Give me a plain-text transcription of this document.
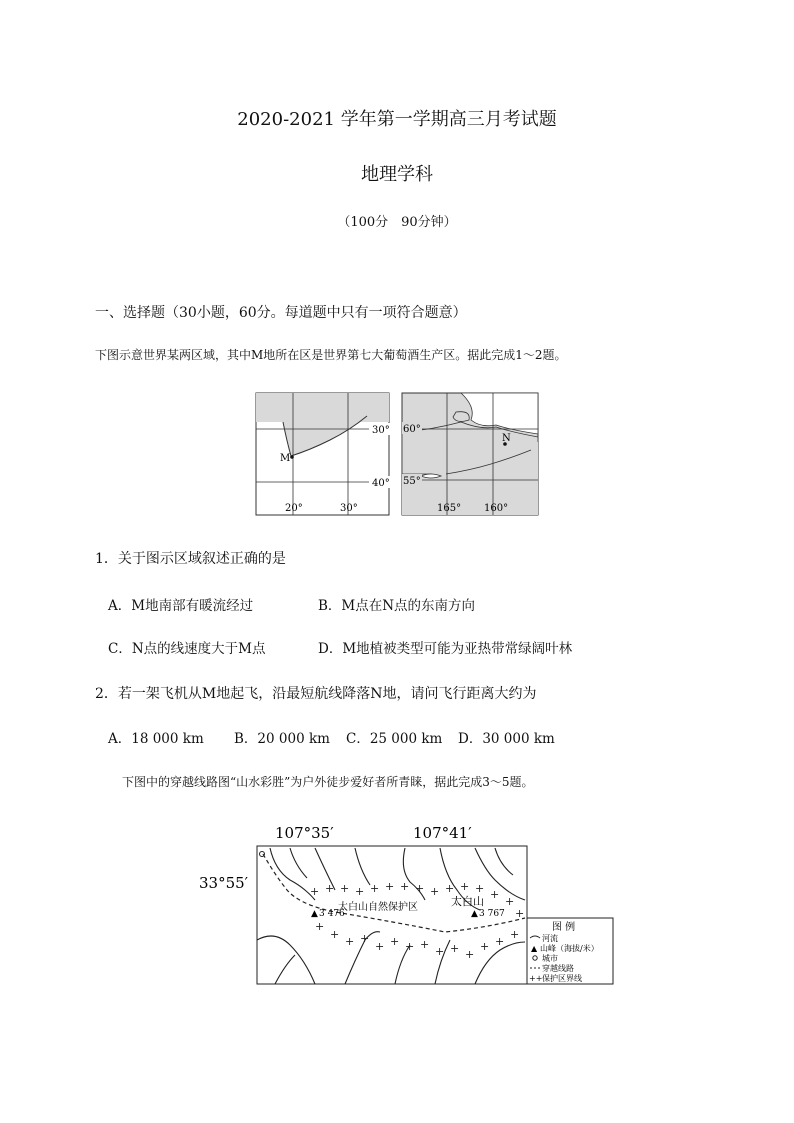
2020-2021 学年第一学期高三月考试题
地理学科
（100分　90分钟）
一、选择题（30小题，60分。每道题中只有一项符合题意）
下图示意世界某两区域，其中M地所在区是世界第七大葡萄酒生产区。据此完成1～2题。
30°
40°
20°	30°
M
60°
55°
165° 160°
N
1．关于图示区域叙述正确的是
A．M地南部有暖流经过	B．M点在N点的东南方向
C．N点的线速度大于M点	D．M地植被类型可能为亚热带常绿阔叶林
2．若一架飞机从M地起飞，沿最短航线降落N地，请问飞行距离大约为
A．18 000 km B．20 000 km C．25 000 km D．30 000 km
下图中的穿越线路图“山水彩胜”为户外徒步爱好者所青睐，据此完成3～5题。
107°35′	107°41′
33°55′	+ + + + + + + + + + + + +
+
+
+
+
+ +
+ + + +
+ + +
+ +
+
太白山自然保护区	太白山
▲ 3 476	▲ 3 767
图 例
河流
▲ 山峰（海拔/米）
城市
穿越线路
++ 保护区界线
